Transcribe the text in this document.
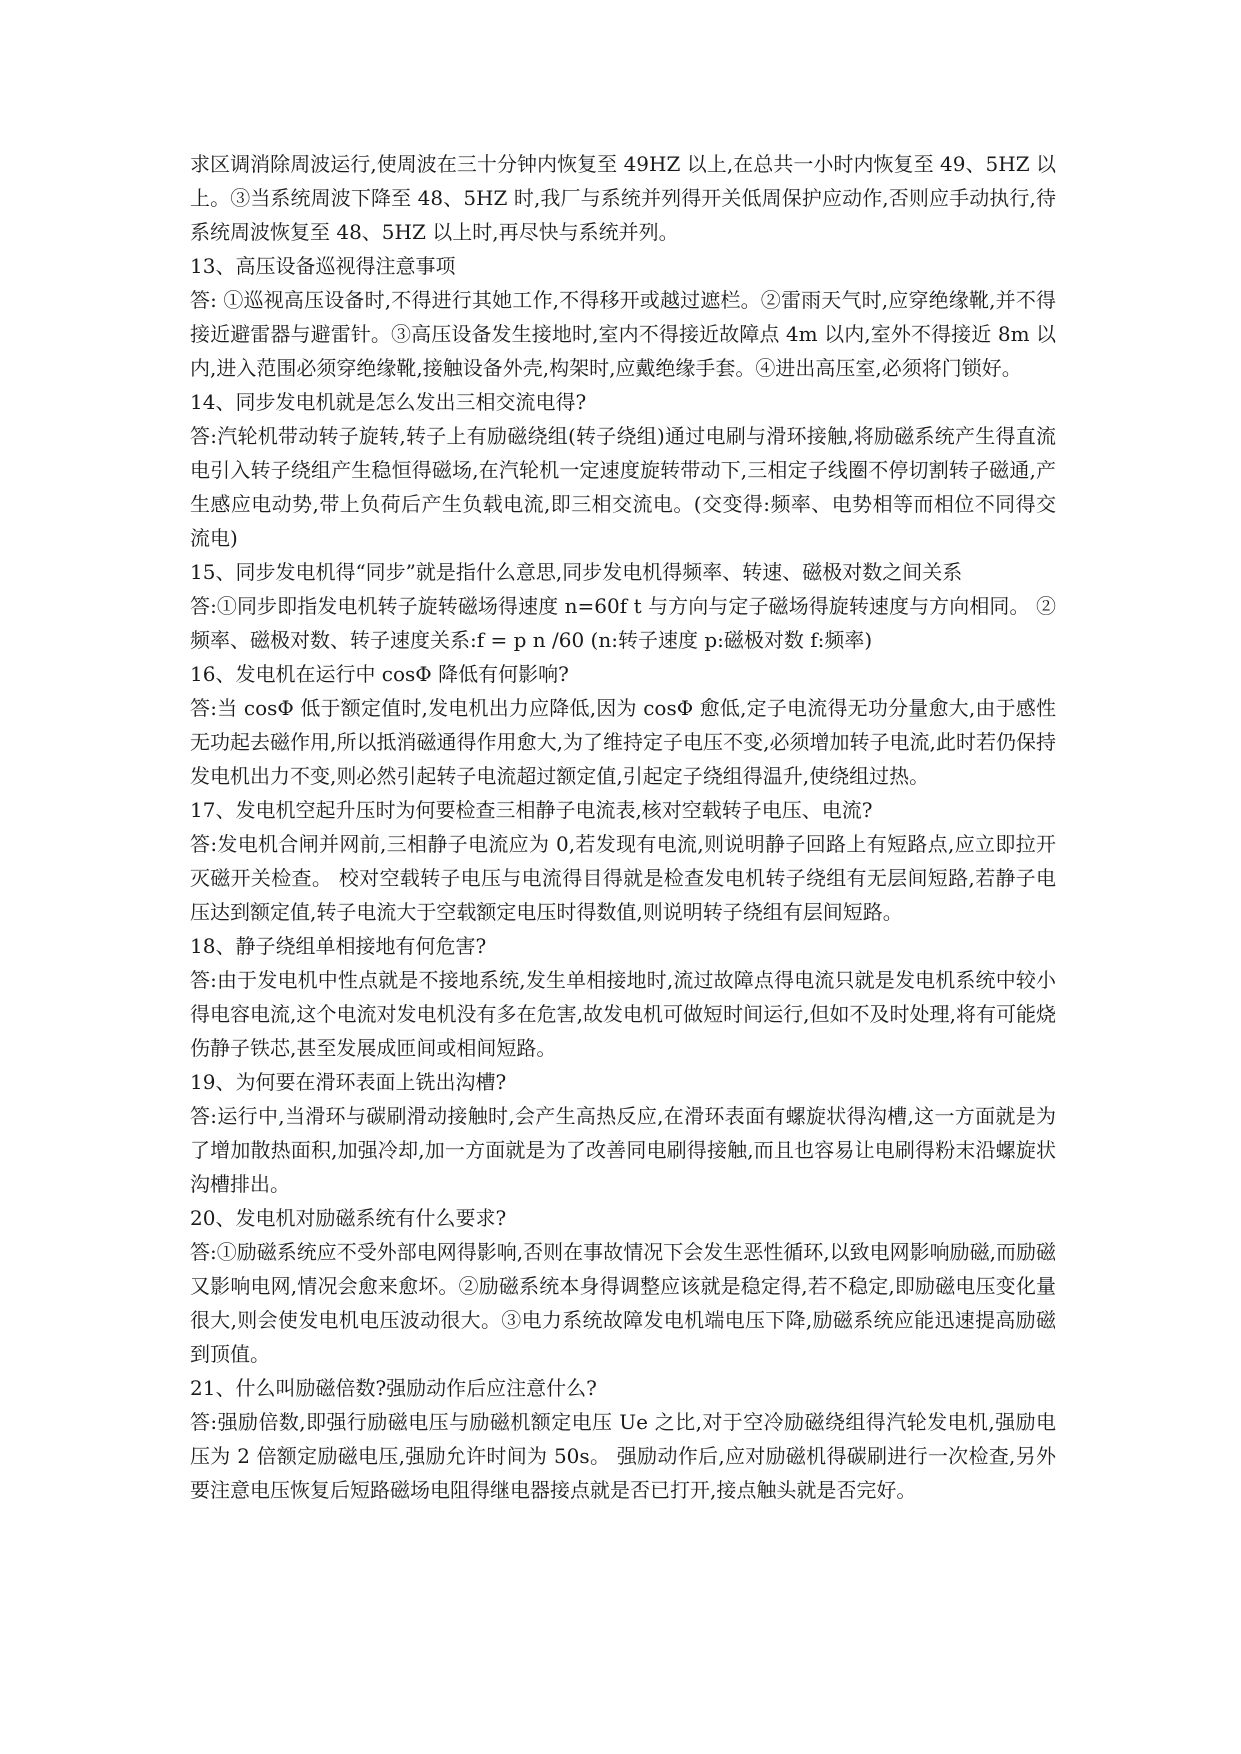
求区调消除周波运行,使周波在三十分钟内恢复至 49HZ 以上,在总共一小时内恢复至 49、5HZ 以上。③当系统周波下降至 48、5HZ 时,我厂与系统并列得开关低周保护应动作,否则应手动执行,待系统周波恢复至 48、5HZ 以上时,再尽快与系统并列。

13、高压设备巡视得注意事项

答: ①巡视高压设备时,不得进行其她工作,不得移开或越过遮栏。②雷雨天气时,应穿绝缘靴,并不得接近避雷器与避雷针。③高压设备发生接地时,室内不得接近故障点 4m 以内,室外不得接近 8m 以内,进入范围必须穿绝缘靴,接触设备外壳,构架时,应戴绝缘手套。④进出高压室,必须将门锁好。

14、同步发电机就是怎么发出三相交流电得?

答:汽轮机带动转子旋转,转子上有励磁绕组(转子绕组)通过电刷与滑环接触,将励磁系统产生得直流电引入转子绕组产生稳恒得磁场,在汽轮机一定速度旋转带动下,三相定子线圈不停切割转子磁通,产生感应电动势,带上负荷后产生负载电流,即三相交流电。(交变得:频率、电势相等而相位不同得交流电)

15、同步发电机得“同步”就是指什么意思,同步发电机得频率、转速、磁极对数之间关系

答:①同步即指发电机转子旋转磁场得速度 n=60f t 与方向与定子磁场得旋转速度与方向相同。 ②频率、磁极对数、转子速度关系:f = p n /60 (n:转子速度 p:磁极对数 f:频率)

16、发电机在运行中 cosΦ 降低有何影响?

答:当 cosΦ 低于额定值时,发电机出力应降低,因为 cosΦ 愈低,定子电流得无功分量愈大,由于感性无功起去磁作用,所以抵消磁通得作用愈大,为了维持定子电压不变,必须增加转子电流,此时若仍保持发电机出力不变,则必然引起转子电流超过额定值,引起定子绕组得温升,使绕组过热。

17、发电机空起升压时为何要检查三相静子电流表,核对空载转子电压、电流?

答:发电机合闸并网前,三相静子电流应为 0,若发现有电流,则说明静子回路上有短路点,应立即拉开灭磁开关检查。 校对空载转子电压与电流得目得就是检查发电机转子绕组有无层间短路,若静子电压达到额定值,转子电流大于空载额定电压时得数值,则说明转子绕组有层间短路。

18、静子绕组单相接地有何危害?

答:由于发电机中性点就是不接地系统,发生单相接地时,流过故障点得电流只就是发电机系统中较小得电容电流,这个电流对发电机没有多在危害,故发电机可做短时间运行,但如不及时处理,将有可能烧伤静子铁芯,甚至发展成匝间或相间短路。

19、为何要在滑环表面上铣出沟槽?

答:运行中,当滑环与碳刷滑动接触时,会产生高热反应,在滑环表面有螺旋状得沟槽,这一方面就是为了增加散热面积,加强冷却,加一方面就是为了改善同电刷得接触,而且也容易让电刷得粉末沿螺旋状沟槽排出。

20、发电机对励磁系统有什么要求?

答:①励磁系统应不受外部电网得影响,否则在事故情况下会发生恶性循环,以致电网影响励磁,而励磁又影响电网,情况会愈来愈坏。②励磁系统本身得调整应该就是稳定得,若不稳定,即励磁电压变化量很大,则会使发电机电压波动很大。③电力系统故障发电机端电压下降,励磁系统应能迅速提高励磁到顶值。

21、什么叫励磁倍数?强励动作后应注意什么?

答:强励倍数,即强行励磁电压与励磁机额定电压 Ue 之比,对于空冷励磁绕组得汽轮发电机,强励电压为 2 倍额定励磁电压,强励允许时间为 50s。 强励动作后,应对励磁机得碳刷进行一次检查,另外要注意电压恢复后短路磁场电阻得继电器接点就是否已打开,接点触头就是否完好。
